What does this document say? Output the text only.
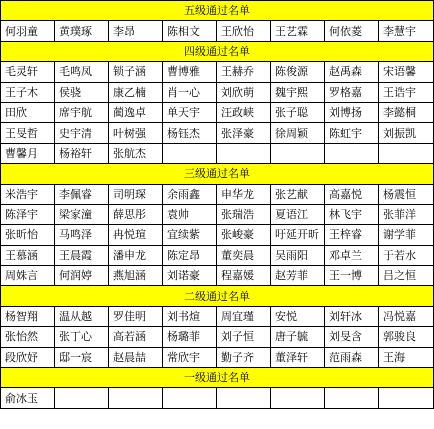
五级通过名单							
何羽童	黄璞琢	李昂	陈相文	王欣怡	王艺霖	何依菱	李慧宇
四级通过名单							
毛灵轩	毛鸣凤	锁子涵	曹博雅	王赫乔	陈俊源	赵禹森	宋语馨
王子木	侯骁	康乙楠	肖一心	刘欣萌	魏宇熙	罗格嘉	王诰宇
田欣	席宇航	蔺逸卓	单天宇	汪政峡	张子聪	刘博扬	李懿桐
王旻哲	史宇清	叶树强	杨钰杰	张泽豪	徐周颖	陈虹宇	刘振凯
曹馨月	杨裕轩	张航杰					
三级通过名单							
米浩宇	李佩睿	司明琛	余雨鑫	申华龙	张艺献	高嘉悦	杨震恒
陈泽宇	梁家潼	薛思彤	袁帅	张瑞浩	夏语江	林飞宇	张菲洋
张昕怡	马鸣泽	冉悦瑄	宜续紫	张峻豪	吁延开昕	王梓睿	谢学菲
王慕涵	王晨霞	潘申龙	陈定昂	董奕晨	吴雨阳	邓卓兰	于若水
周姝言	何润婷	燕旭涵	刘诺豪	程嘉媛	赵芳菲	王一博	吕之恒
二级通过名单							
杨智翔	温从越	罗佳明	刘书煊	周宜瑾	安悦	刘轩冰	冯悦嘉
张怡然	张丁心	高若涵	杨璐菲	刘子恒	唐子毓	刘旻含	郭骏良
段欣妤	邸一宸	赵晨喆	常欣宇	勤子齐	董泽轩	范雨森	王海
一级通过名单							
俞冰玉							
